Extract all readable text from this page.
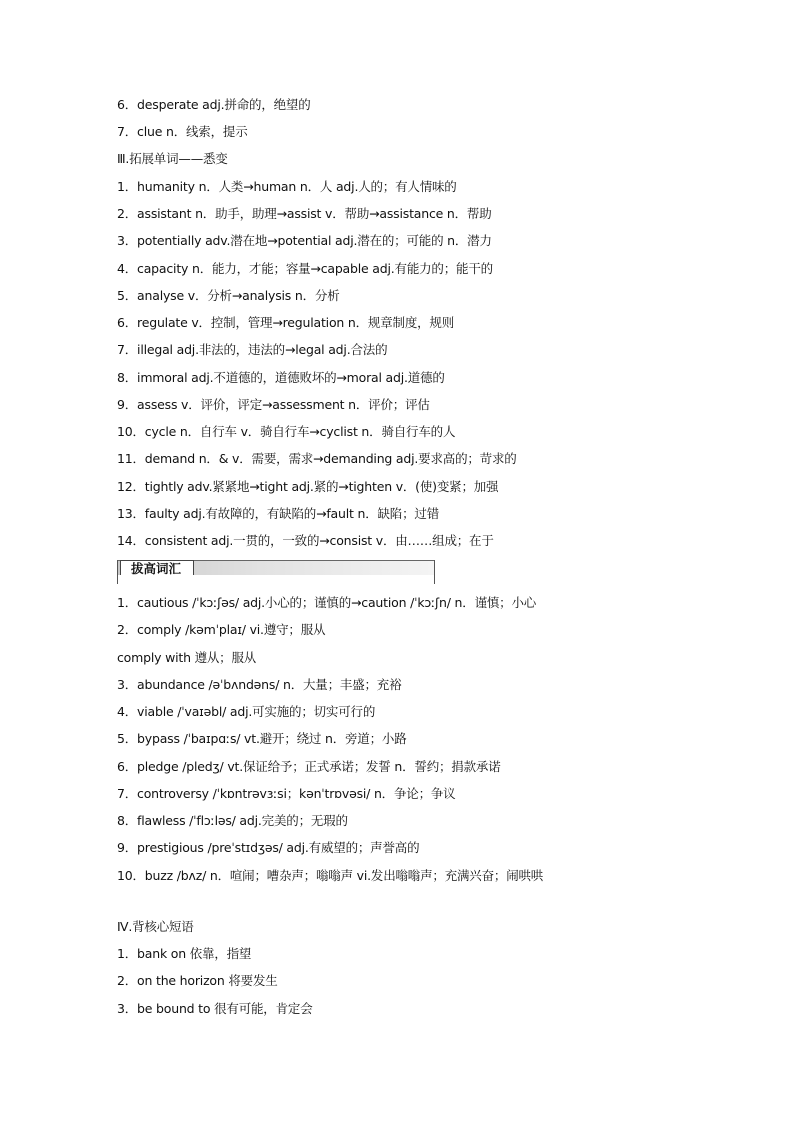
6．desperate adj.拼命的，绝望的
7．clue n．线索，提示
Ⅲ.拓展单词——悉变
1．humanity n．人类→human n．人 adj.人的；有人情味的
2．assistant n．助手，助理→assist v．帮助→assistance n．帮助
3．potentially adv.潜在地→potential adj.潜在的；可能的 n．潜力
4．capacity n．能力，才能；容量→capable adj.有能力的；能干的
5．analyse v．分析→analysis n．分析
6．regulate v．控制，管理→regulation n．规章制度，规则
7．illegal adj.非法的，违法的→legal adj.合法的
8．immoral adj.不道德的，道德败坏的→moral adj.道德的
9．assess v．评价，评定→assessment n．评价；评估
10．cycle n．自行车 v．骑自行车→cyclist n．骑自行车的人
11．demand n．& v．需要，需求→demanding adj.要求高的；苛求的
12．tightly adv.紧紧地→tight adj.紧的→tighten v．(使)变紧；加强
13．faulty adj.有故障的，有缺陷的→fault n．缺陷；过错
14．consistent adj.一贯的，一致的→consist v．由……组成；在于
拔高词汇
1．cautious /ˈkɔːʃəs/ adj.小心的；谨慎的→caution /ˈkɔːʃn/ n．谨慎；小心
2．comply /kəmˈplaɪ/ vi.遵守；服从
comply with 遵从；服从
3．abundance /əˈbʌndəns/ n．大量；丰盛；充裕
4．viable /ˈvaɪəbl/ adj.可实施的；切实可行的
5．bypass /ˈbaɪpɑːs/ vt.避开；绕过 n．旁道；小路
6．pledge /pledʒ/ vt.保证给予；正式承诺；发誓 n．誓约；捐款承诺
7．controversy /ˈkɒntrəvɜːsi；kənˈtrɒvəsi/ n．争论；争议
8．flawless /ˈflɔːləs/ adj.完美的；无瑕的
9．prestigious /preˈstɪdʒəs/ adj.有威望的；声誉高的
10．buzz /bʌz/ n．喧闹；嘈杂声；嗡嗡声 vi.发出嗡嗡声；充满兴奋；闹哄哄
Ⅳ.背核心短语
1．bank on 依靠，指望
2．on the horizon 将要发生
3．be bound to 很有可能，肯定会
